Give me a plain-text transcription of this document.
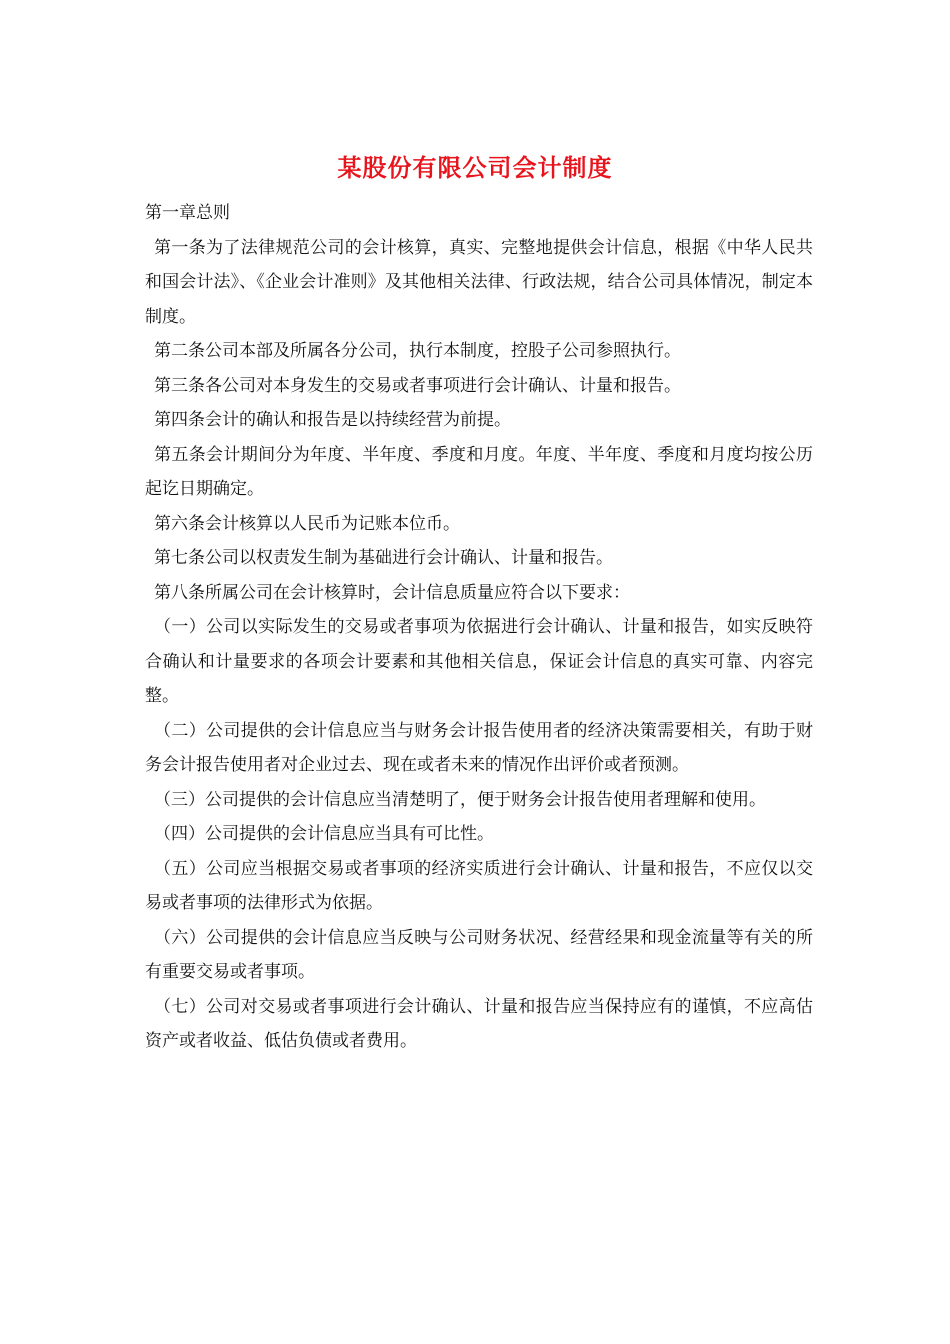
某股份有限公司会计制度

第一章总则

第一条为了法律规范公司的会计核算，真实、完整地提供会计信息，根据《中华人民共和国会计法》、《企业会计准则》及其他相关法律、行政法规，结合公司具体情况，制定本制度。

第二条公司本部及所属各分公司，执行本制度，控股子公司参照执行。

第三条各公司对本身发生的交易或者事项进行会计确认、计量和报告。

第四条会计的确认和报告是以持续经营为前提。

第五条会计期间分为年度、半年度、季度和月度。年度、半年度、季度和月度均按公历起讫日期确定。

第六条会计核算以人民币为记账本位币。

第七条公司以权责发生制为基础进行会计确认、计量和报告。

第八条所属公司在会计核算时，会计信息质量应符合以下要求：

（一）公司以实际发生的交易或者事项为依据进行会计确认、计量和报告，如实反映符合确认和计量要求的各项会计要素和其他相关信息，保证会计信息的真实可靠、内容完整。

（二）公司提供的会计信息应当与财务会计报告使用者的经济决策需要相关，有助于财务会计报告使用者对企业过去、现在或者未来的情况作出评价或者预测。

（三）公司提供的会计信息应当清楚明了，便于财务会计报告使用者理解和使用。

（四）公司提供的会计信息应当具有可比性。

（五）公司应当根据交易或者事项的经济实质进行会计确认、计量和报告，不应仅以交易或者事项的法律形式为依据。

（六）公司提供的会计信息应当反映与公司财务状况、经营经果和现金流量等有关的所有重要交易或者事项。

（七）公司对交易或者事项进行会计确认、计量和报告应当保持应有的谨慎，不应高估资产或者收益、低估负债或者费用。
